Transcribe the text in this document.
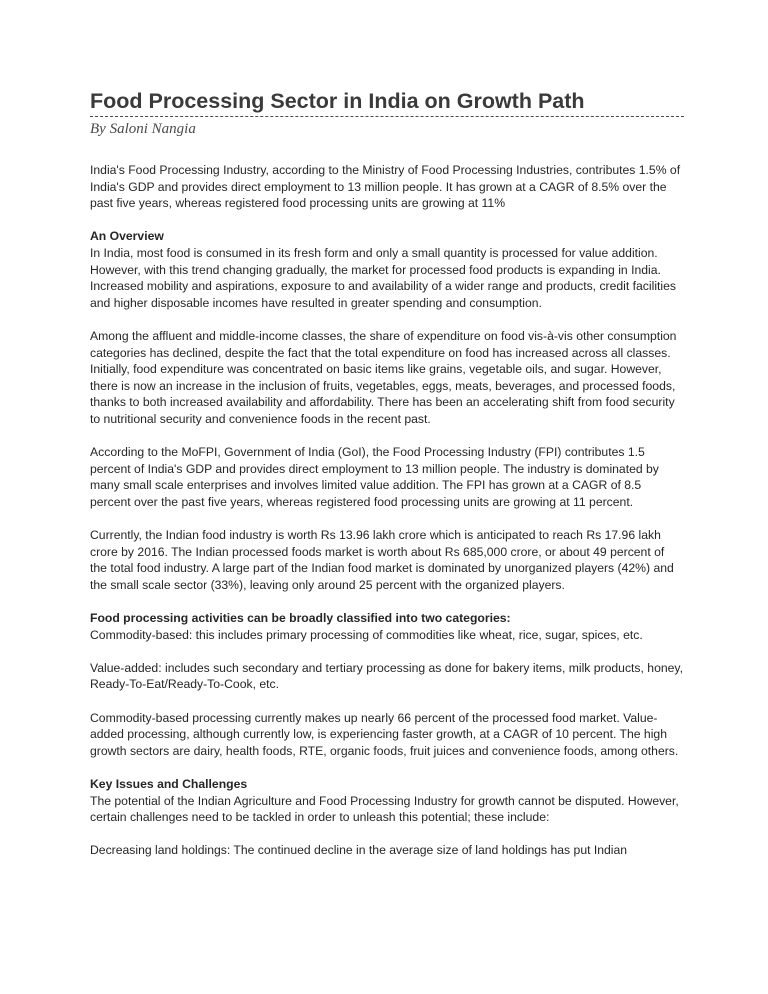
Food Processing Sector in India on Growth Path
By Saloni Nangia

India's Food Processing Industry, according to the Ministry of Food Processing Industries, contributes 1.5% of India's GDP and provides direct employment to 13 million people. It has grown at a CAGR of 8.5% over the past five years, whereas registered food processing units are growing at 11%

An Overview

In India, most food is consumed in its fresh form and only a small quantity is processed for value addition. However, with this trend changing gradually, the market for processed food products is expanding in India. Increased mobility and aspirations, exposure to and availability of a wider range and products, credit facilities and higher disposable incomes have resulted in greater spending and consumption.

Among the affluent and middle-income classes, the share of expenditure on food vis-à-vis other consumption categories has declined, despite the fact that the total expenditure on food has increased across all classes. Initially, food expenditure was concentrated on basic items like grains, vegetable oils, and sugar. However, there is now an increase in the inclusion of fruits, vegetables, eggs, meats, beverages, and processed foods, thanks to both increased availability and affordability. There has been an accelerating shift from food security to nutritional security and convenience foods in the recent past.

According to the MoFPI, Government of India (GoI), the Food Processing Industry (FPI) contributes 1.5 percent of India's GDP and provides direct employment to 13 million people. The industry is dominated by many small scale enterprises and involves limited value addition. The FPI has grown at a CAGR of 8.5 percent over the past five years, whereas registered food processing units are growing at 11 percent.

Currently, the Indian food industry is worth Rs 13.96 lakh crore which is anticipated to reach Rs 17.96 lakh crore by 2016. The Indian processed foods market is worth about Rs 685,000 crore, or about 49 percent of the total food industry. A large part of the Indian food market is dominated by unorganized players (42%) and the small scale sector (33%), leaving only around 25 percent with the organized players.

Food processing activities can be broadly classified into two categories:

Commodity-based: this includes primary processing of commodities like wheat, rice, sugar, spices, etc.

Value-added: includes such secondary and tertiary processing as done for bakery items, milk products, honey, Ready-To-Eat/Ready-To-Cook, etc.

Commodity-based processing currently makes up nearly 66 percent of the processed food market. Value-added processing, although currently low, is experiencing faster growth, at a CAGR of 10 percent. The high growth sectors are dairy, health foods, RTE, organic foods, fruit juices and convenience foods, among others.

Key Issues and Challenges

The potential of the Indian Agriculture and Food Processing Industry for growth cannot be disputed. However, certain challenges need to be tackled in order to unleash this potential; these include:

Decreasing land holdings: The continued decline in the average size of land holdings has put Indian
